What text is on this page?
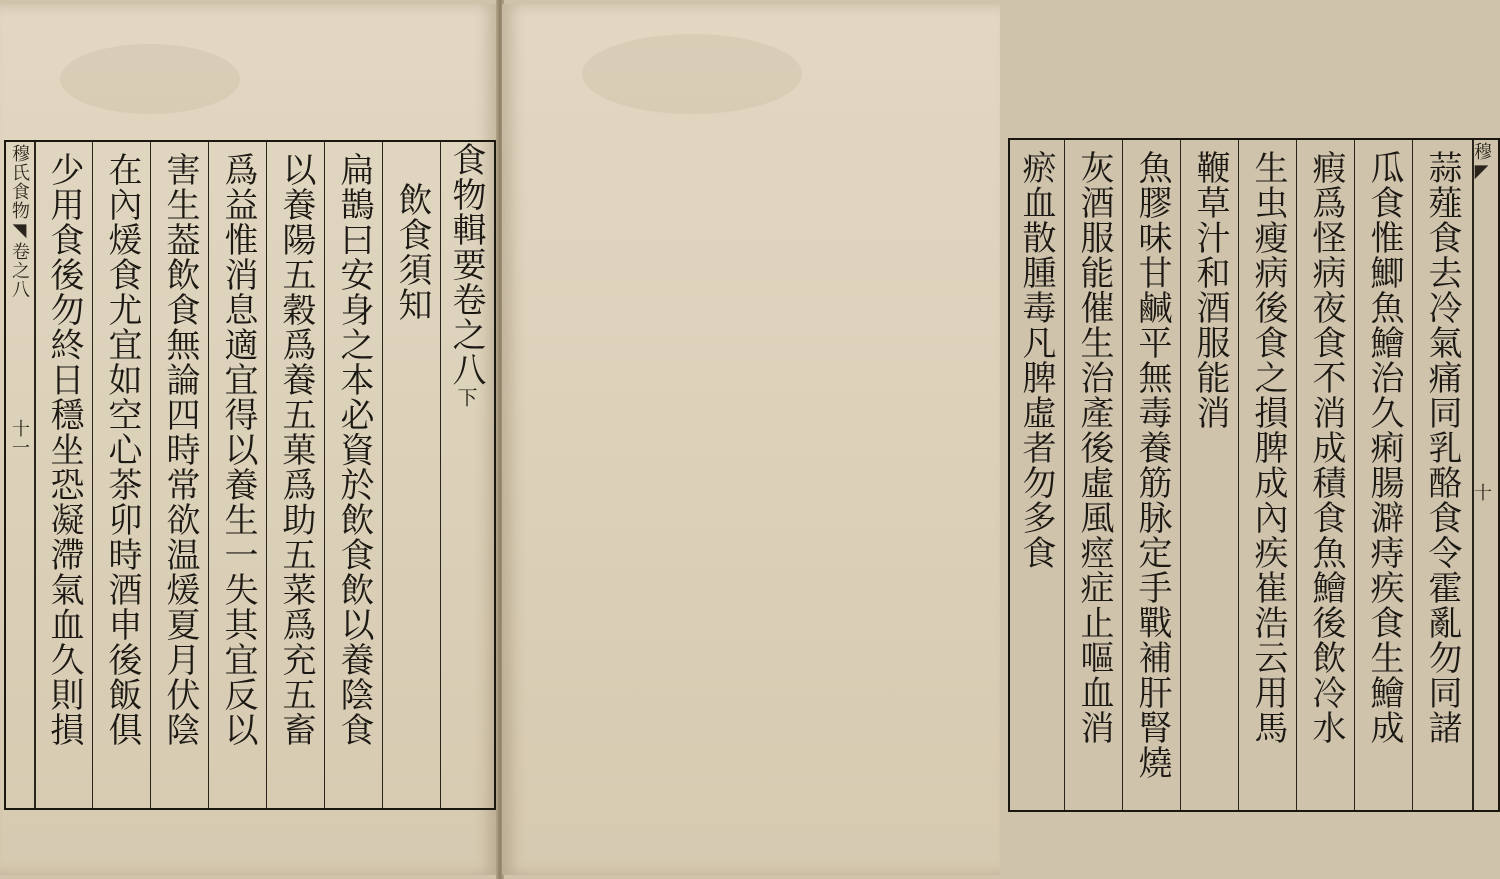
穆氏食物◥卷之八十一 少用食後勿終日穩坐恐凝滯氣血久則損 在內煖食尤宜如空心茶卯時酒申後飯俱 害生葢飲食無論四時常欲温煖夏月伏陰 爲益惟消息適宜得以養生一失其宜反以 以養陽五穀爲養五菓爲助五菜爲充五畜 扁鵲曰安身之本必資於飲食飲以養陰食 飲食須知 食物輯要卷之八下	瘀血散腫毒凡脾虛者勿多食 灰酒服能催生治產後虛風痙症止嘔血消 魚膠味甘鹹平無毒養筋脉定手戰補肝腎燒 鞭草汁和酒服能消 生虫瘦病後食之損脾成內疾崔浩云用馬 瘕爲怪病夜食不消成積食魚鱠後飲冷水 瓜食惟鯽魚鱠治久痢腸澼痔疾食生鱠成 蒜薤食去冷氣痛同乳酪食令霍亂勿同諸 穆◤十
